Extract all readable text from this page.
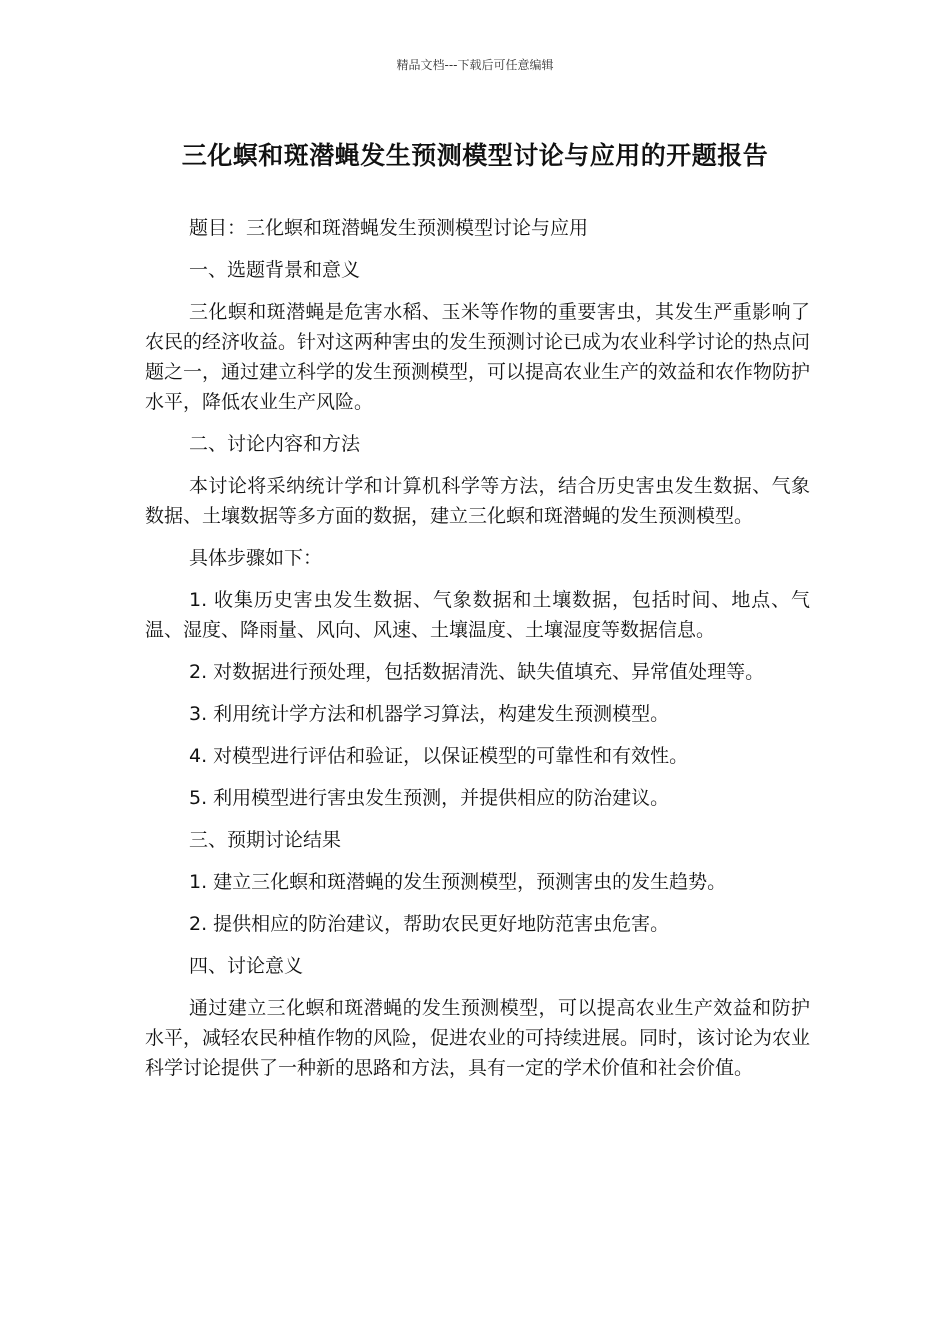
精品文档---下载后可任意编辑
三化螟和斑潜蝇发生预测模型讨论与应用的开题报告

题目：三化螟和斑潜蝇发生预测模型讨论与应用

一、选题背景和意义

三化螟和斑潜蝇是危害水稻、玉米等作物的重要害虫，其发生严重影响了农民的经济收益。针对这两种害虫的发生预测讨论已成为农业科学讨论的热点问题之一，通过建立科学的发生预测模型，可以提高农业生产的效益和农作物防护水平，降低农业生产风险。

二、讨论内容和方法

本讨论将采纳统计学和计算机科学等方法，结合历史害虫发生数据、气象数据、土壤数据等多方面的数据，建立三化螟和斑潜蝇的发生预测模型。

具体步骤如下：

1. 收集历史害虫发生数据、气象数据和土壤数据，包括时间、地点、气温、湿度、降雨量、风向、风速、土壤温度、土壤湿度等数据信息。

2. 对数据进行预处理，包括数据清洗、缺失值填充、异常值处理等。

3. 利用统计学方法和机器学习算法，构建发生预测模型。

4. 对模型进行评估和验证，以保证模型的可靠性和有效性。

5. 利用模型进行害虫发生预测，并提供相应的防治建议。

三、预期讨论结果

1. 建立三化螟和斑潜蝇的发生预测模型，预测害虫的发生趋势。

2. 提供相应的防治建议，帮助农民更好地防范害虫危害。

四、讨论意义

通过建立三化螟和斑潜蝇的发生预测模型，可以提高农业生产效益和防护水平，减轻农民种植作物的风险，促进农业的可持续进展。同时，该讨论为农业科学讨论提供了一种新的思路和方法，具有一定的学术价值和社会价值。
